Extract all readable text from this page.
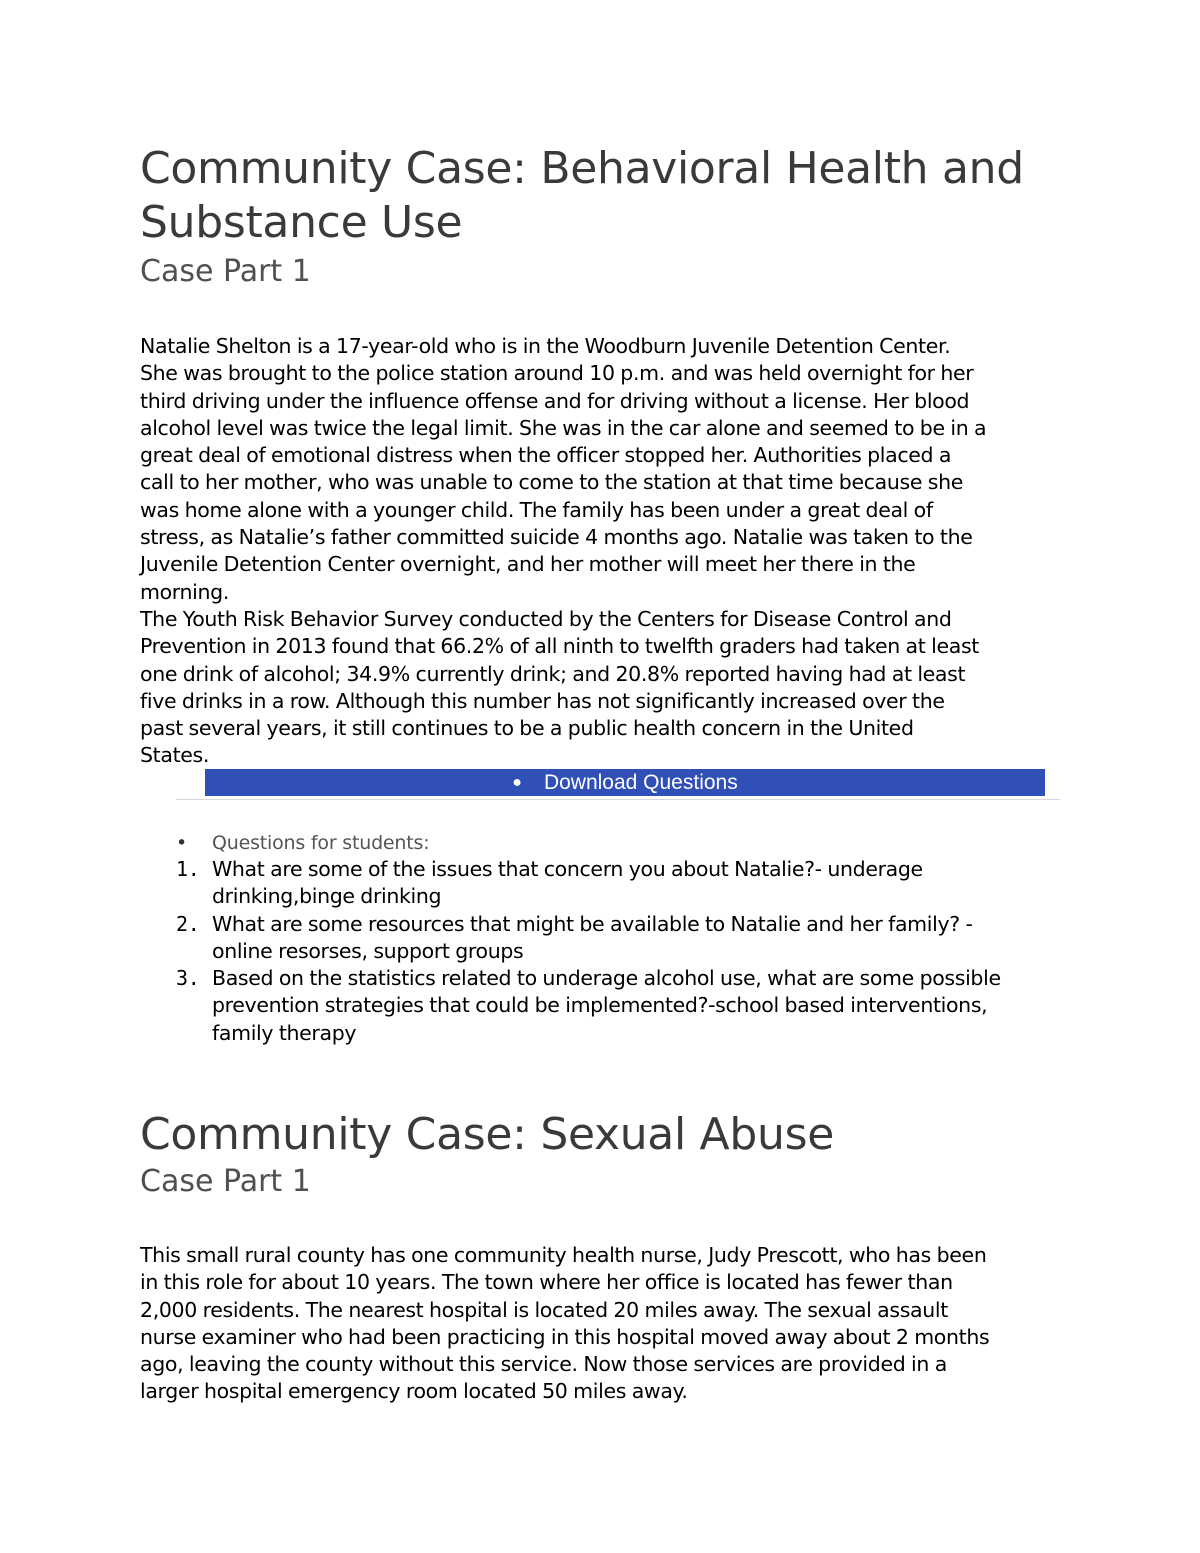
Community Case: Behavioral Health and
Substance Use
Case Part 1

Natalie Shelton is a 17-year-old who is in the Woodburn Juvenile Detention Center.
She was brought to the police station around 10 p.m. and was held overnight for her
third driving under the influence offense and for driving without a license. Her blood
alcohol level was twice the legal limit. She was in the car alone and seemed to be in a
great deal of emotional distress when the officer stopped her. Authorities placed a
call to her mother, who was unable to come to the station at that time because she
was home alone with a younger child. The family has been under a great deal of
stress, as Natalie’s father committed suicide 4 months ago. Natalie was taken to the
Juvenile Detention Center overnight, and her mother will meet her there in the
morning.

The Youth Risk Behavior Survey conducted by the Centers for Disease Control and
Prevention in 2013 found that 66.2% of all ninth to twelfth graders had taken at least
one drink of alcohol; 34.9% currently drink; and 20.8% reported having had at least
five drinks in a row. Although this number has not significantly increased over the
past several years, it still continues to be a public health concern in the United
States.

● Download Questions
• Questions for students:
1. What are some of the issues that concern you about Natalie?- underage
drinking,binge drinking
2. What are some resources that might be available to Natalie and her family? -
online resorses, support groups
3. Based on the statistics related to underage alcohol use, what are some possible
prevention strategies that could be implemented?-school based interventions,
family therapy
Community Case: Sexual Abuse
Case Part 1

This small rural county has one community health nurse, Judy Prescott, who has been
in this role for about 10 years. The town where her office is located has fewer than
2,000 residents. The nearest hospital is located 20 miles away. The sexual assault
nurse examiner who had been practicing in this hospital moved away about 2 months
ago, leaving the county without this service. Now those services are provided in a
larger hospital emergency room located 50 miles away.
